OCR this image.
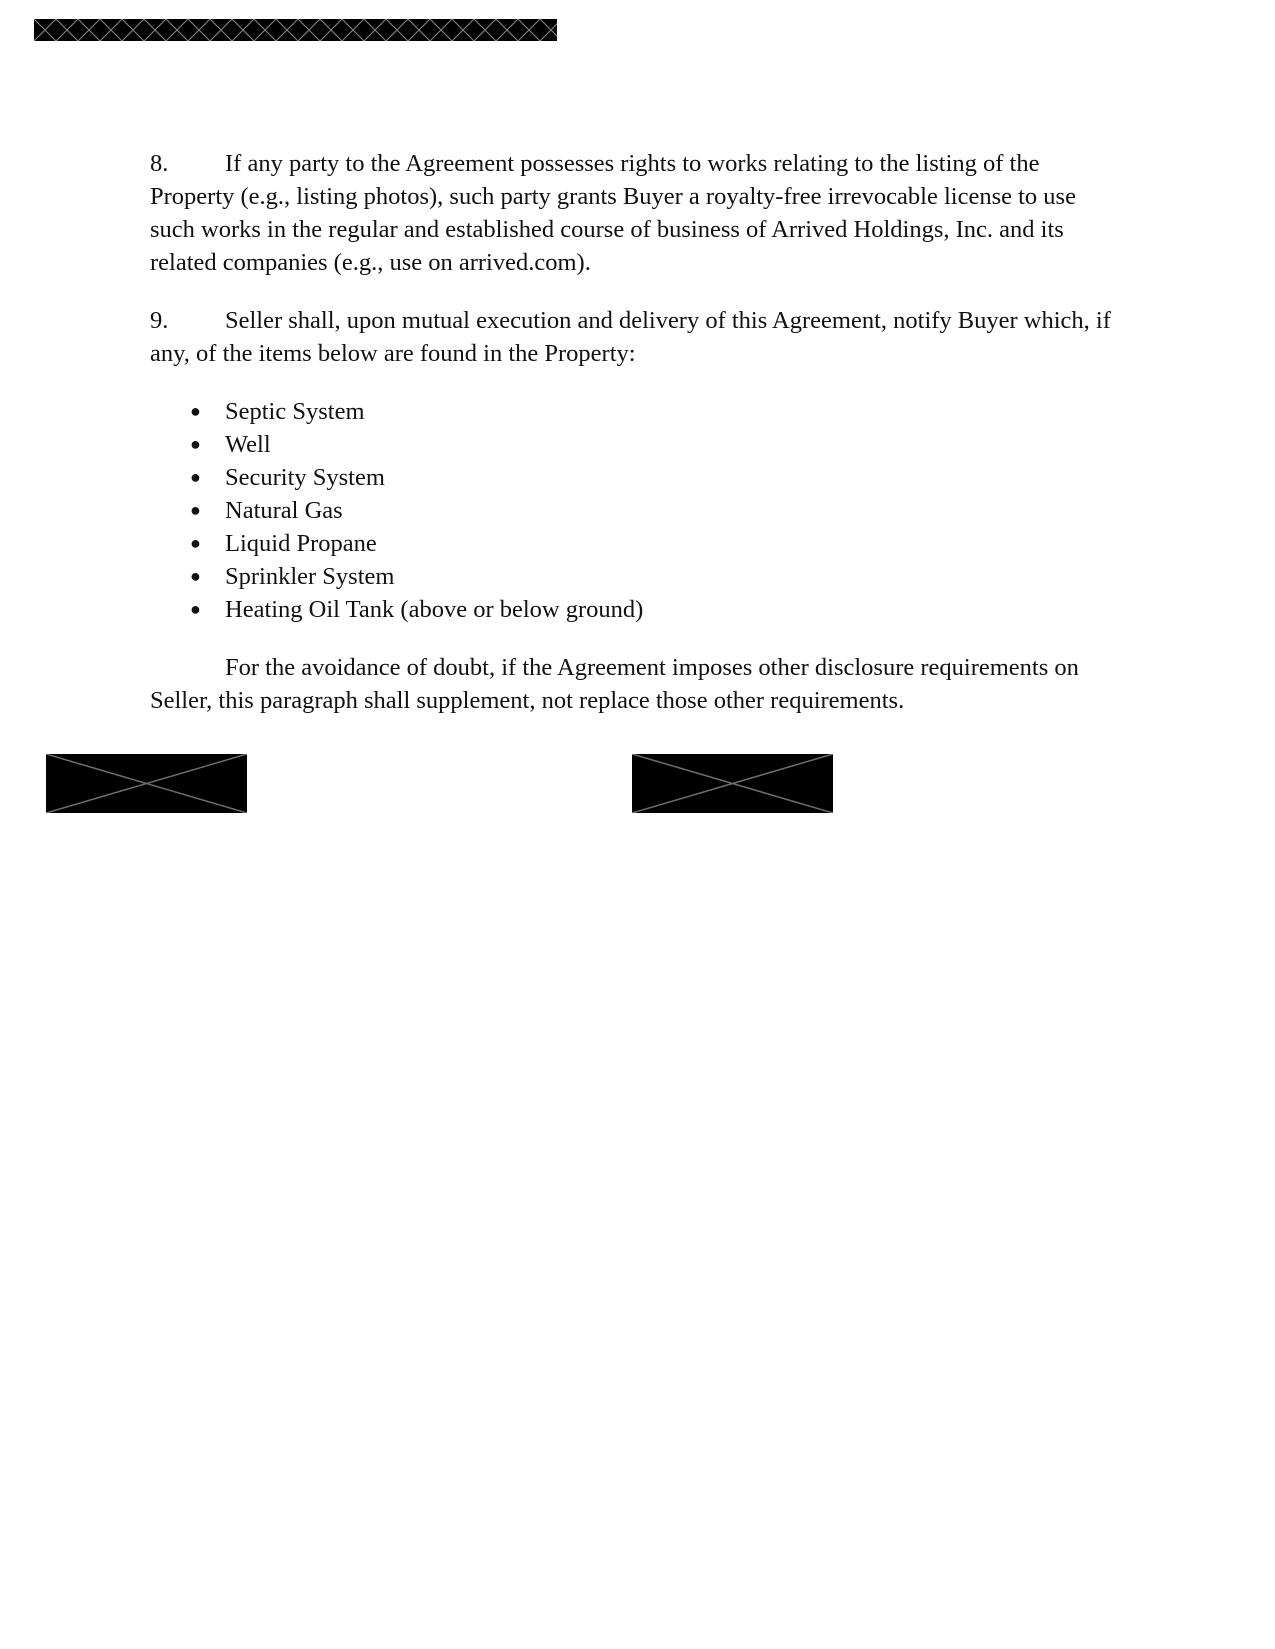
8. If any party to the Agreement possesses rights to works relating to the listing of the Property (e.g., listing photos), such party grants Buyer a royalty-free irrevocable license to use such works in the regular and established course of business of Arrived Holdings, Inc. and its related companies (e.g., use on arrived.com).

9. Seller shall, upon mutual execution and delivery of this Agreement, notify Buyer which, if any, of the items below are found in the Property:

● Septic System
● Well
● Security System
● Natural Gas
● Liquid Propane
● Sprinkler System
● Heating Oil Tank (above or below ground)

For the avoidance of doubt, if the Agreement imposes other disclosure requirements on Seller, this paragraph shall supplement, not replace those other requirements.
